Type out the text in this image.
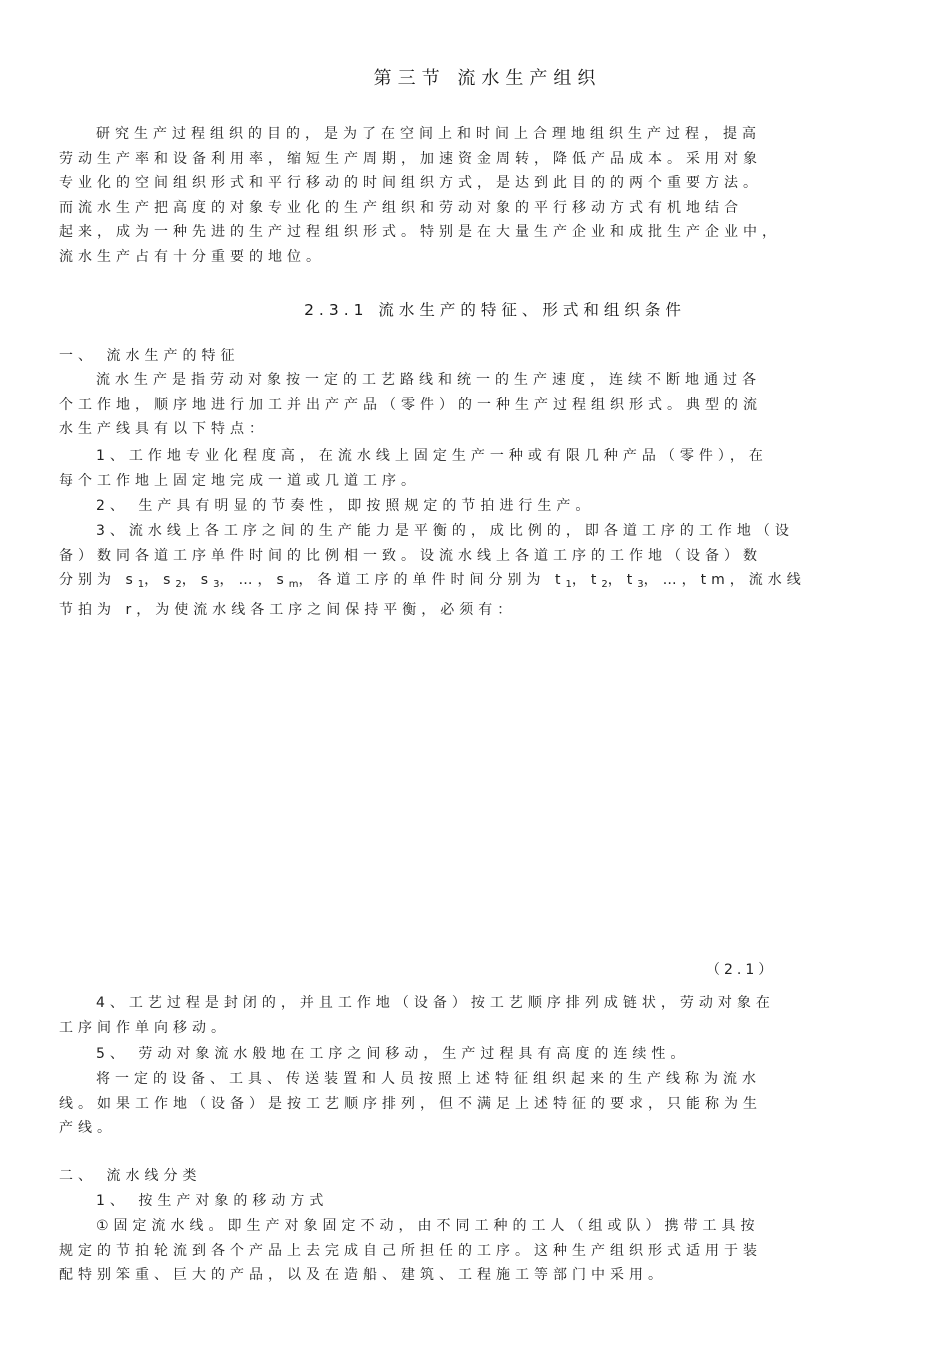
第三节 流水生产组织

研究生产过程组织的目的，是为了在空间上和时间上合理地组织生产过程，提高

劳动生产率和设备利用率，缩短生产周期，加速资金周转，降低产品成本。采用对象

专业化的空间组织形式和平行移动的时间组织方式，是达到此目的的两个重要方法。

而流水生产把高度的对象专业化的生产组织和劳动对象的平行移动方式有机地结合

起来，成为一种先进的生产过程组织形式。特别是在大量生产企业和成批生产企业中，

流水生产占有十分重要的地位。

2.3.1 流水生产的特征、形式和组织条件
一、 流水生产的特征

流水生产是指劳动对象按一定的工艺路线和统一的生产速度，连续不断地通过各

个工作地，顺序地进行加工并出产产品（零件）的一种生产过程组织形式。典型的流

水生产线具有以下特点：

1、工作地专业化程度高，在流水线上固定生产一种或有限几种产品（零件），在

每个工作地上固定地完成一道或几道工序。

2、 生产具有明显的节奏性，即按照规定的节拍进行生产。

3、流水线上各工序之间的生产能力是平衡的，成比例的，即各道工序的工作地（设

备）数同各道工序单件时间的比例相一致。设流水线上各道工序的工作地（设备）数

分别为 $s_1$，$s_2$，$s_3$，…，$s_m$，各道工序的单件时间分别为 $t_1$，$t_2$，$t_3$，…，tm，流水线

节拍为 r，为使流水线各工序之间保持平衡，必须有：

（2.1）

4、工艺过程是封闭的，并且工作地（设备）按工艺顺序排列成链状，劳动对象在

工序间作单向移动。

5、 劳动对象流水般地在工序之间移动，生产过程具有高度的连续性。

将一定的设备、工具、传送装置和人员按照上述特征组织起来的生产线称为流水

线。如果工作地（设备）是按工艺顺序排列，但不满足上述特征的要求，只能称为生

产线。

二、 流水线分类

1、 按生产对象的移动方式

①固定流水线。即生产对象固定不动，由不同工种的工人（组或队）携带工具按

规定的节拍轮流到各个产品上去完成自己所担任的工序。这种生产组织形式适用于装

配特别笨重、巨大的产品，以及在造船、建筑、工程施工等部门中采用。
